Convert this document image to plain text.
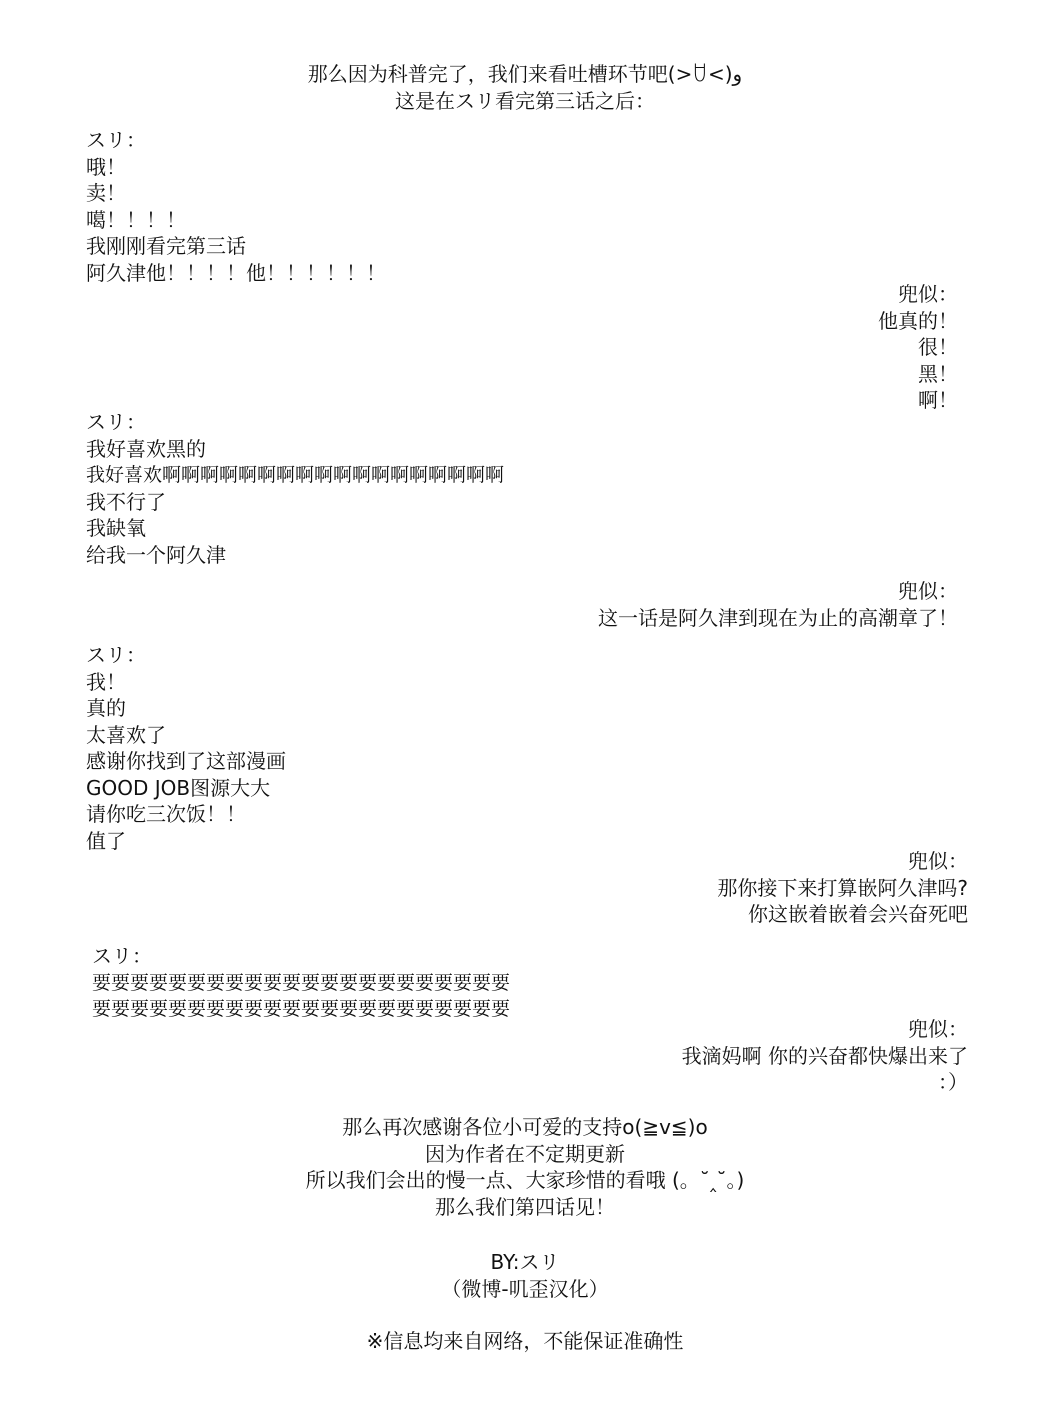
那么因为科普完了，我们来看吐槽环节吧(>ꇴ<)و
这是在スリ看完第三话之后：
スリ：
哦！
卖！
噶！！！！
我刚刚看完第三话
阿久津他！！！！他！！！！！！
兜似：
他真的！
很！
黑！
啊！
スリ：
我好喜欢黑的
我好喜欢啊啊啊啊啊啊啊啊啊啊啊啊啊啊啊啊啊啊
我不行了
我缺氧
给我一个阿久津
兜似：
这一话是阿久津到现在为止的高潮章了！
スリ：
我！
真的
太喜欢了
感谢你找到了这部漫画
GOOD JOB图源大大
请你吃三次饭！！
值了
兜似：
那你接下来打算嵌阿久津吗?
你这嵌着嵌着会兴奋死吧
スリ：
要要要要要要要要要要要要要要要要要要要要要要
要要要要要要要要要要要要要要要要要要要要要要
兜似：
我滴妈啊 你的兴奋都快爆出来了
：）
那么再次感谢各位小可爱的支持o(≧v≦)o
因为作者在不定期更新
所以我们会出的慢一点、大家珍惜的看哦 (。˘‸˘。)
那么我们第四话见！
BY:スリ
（微博-叽歪汉化）
※信息均来自网络，不能保证准确性
